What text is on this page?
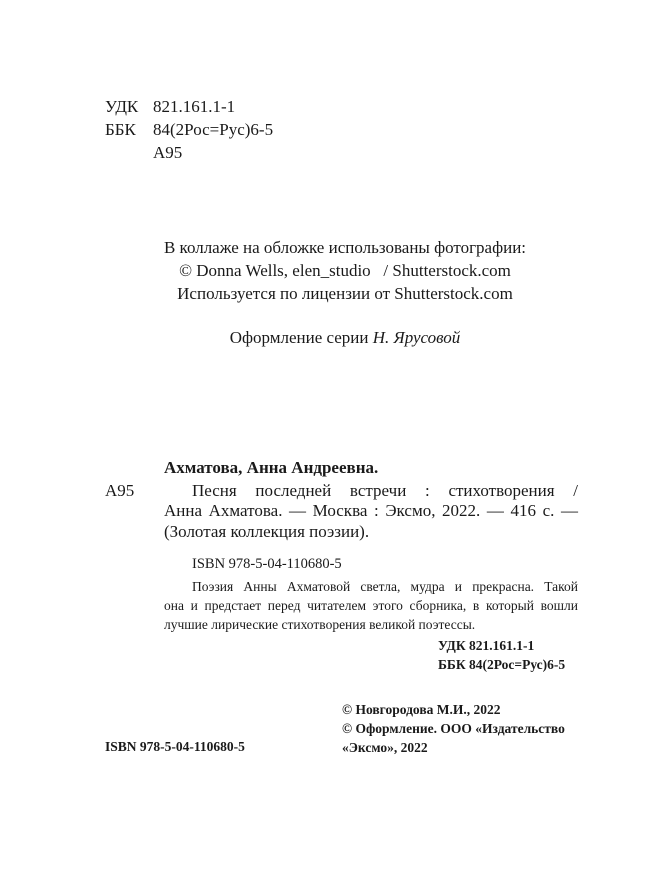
УДК 821.161.1-1
ББК 84(2Рос=Рус)6-5
А95
В коллаже на обложке использованы фотографии:
© Donna Wells, elen_studio   / Shutterstock.com
Используется по лицензии от Shutterstock.com
Оформление серии Н. Ярусовой
Ахматова, Анна Андреевна.
А95	Песня последней встречи : стихотворения /
Анна Ахматова. — Москва : Эксмо, 2022. — 416 с. —
(Золотая коллекция поэзии).
ISBN 978-5-04-110680-5
Поэзия Анны Ахматовой светла, мудра и прекрасна. Такой
она и предстает перед читателем этого сборника, в который вошли
лучшие лирические стихотворения великой поэтессы.
УДК 821.161.1-1
ББК 84(2Рос=Рус)6-5
© Новгородова М.И., 2022
© Оформление. ООО «Издательство
ISBN 978-5-04-110680-5	«Эксмо», 2022
